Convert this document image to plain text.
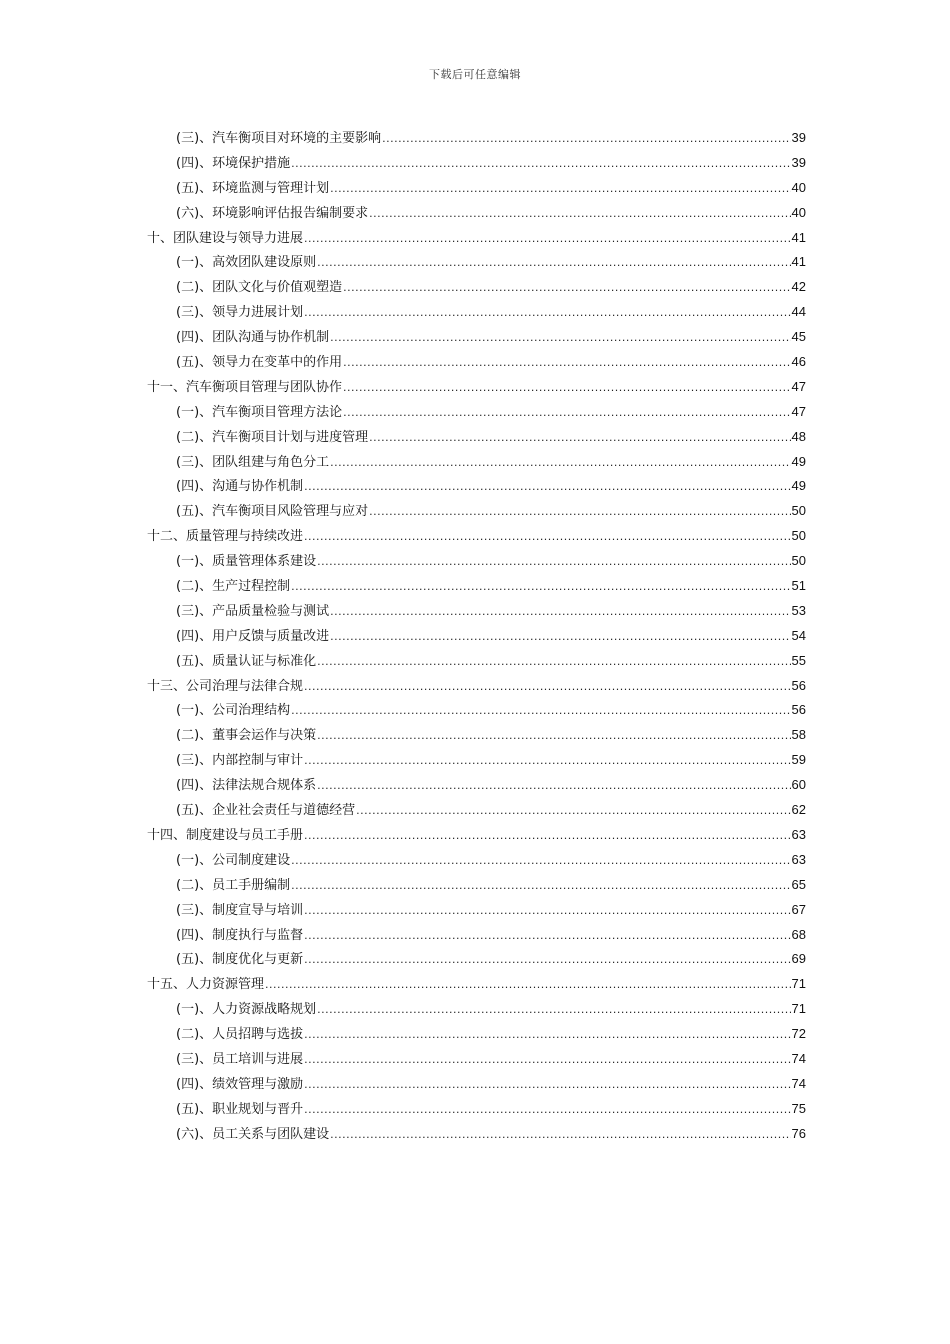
下载后可任意编辑
(三)、汽车衡项目对环境的主要影响 .....	39
(四)、环境保护措施 .....	39
(五)、环境监测与管理计划 .....	40
(六)、环境影响评估报告编制要求 .....	40
十、团队建设与领导力进展 .....	41
(一)、高效团队建设原则 .....	41
(二)、团队文化与价值观塑造 .....	42
(三)、领导力进展计划 .....	44
(四)、团队沟通与协作机制 .....	45
(五)、领导力在变革中的作用 .....	46
十一、汽车衡项目管理与团队协作 .....	47
(一)、汽车衡项目管理方法论 .....	47
(二)、汽车衡项目计划与进度管理 .....	48
(三)、团队组建与角色分工 .....	49
(四)、沟通与协作机制 .....	49
(五)、汽车衡项目风险管理与应对 .....	50
十二、质量管理与持续改进 .....	50
(一)、质量管理体系建设 .....	50
(二)、生产过程控制 .....	51
(三)、产品质量检验与测试 .....	53
(四)、用户反馈与质量改进 .....	54
(五)、质量认证与标准化 .....	55
十三、公司治理与法律合规 .....	56
(一)、公司治理结构 .....	56
(二)、董事会运作与决策 .....	58
(三)、内部控制与审计 .....	59
(四)、法律法规合规体系 .....	60
(五)、企业社会责任与道德经营 .....	62
十四、制度建设与员工手册 .....	63
(一)、公司制度建设 .....	63
(二)、员工手册编制 .....	65
(三)、制度宣导与培训 .....	67
(四)、制度执行与监督 .....	68
(五)、制度优化与更新 .....	69
十五、人力资源管理 .....	71
(一)、人力资源战略规划 .....	71
(二)、人员招聘与选拔 .....	72
(三)、员工培训与进展 .....	74
(四)、绩效管理与激励 .....	74
(五)、职业规划与晋升 .....	75
(六)、员工关系与团队建设 .....	76
